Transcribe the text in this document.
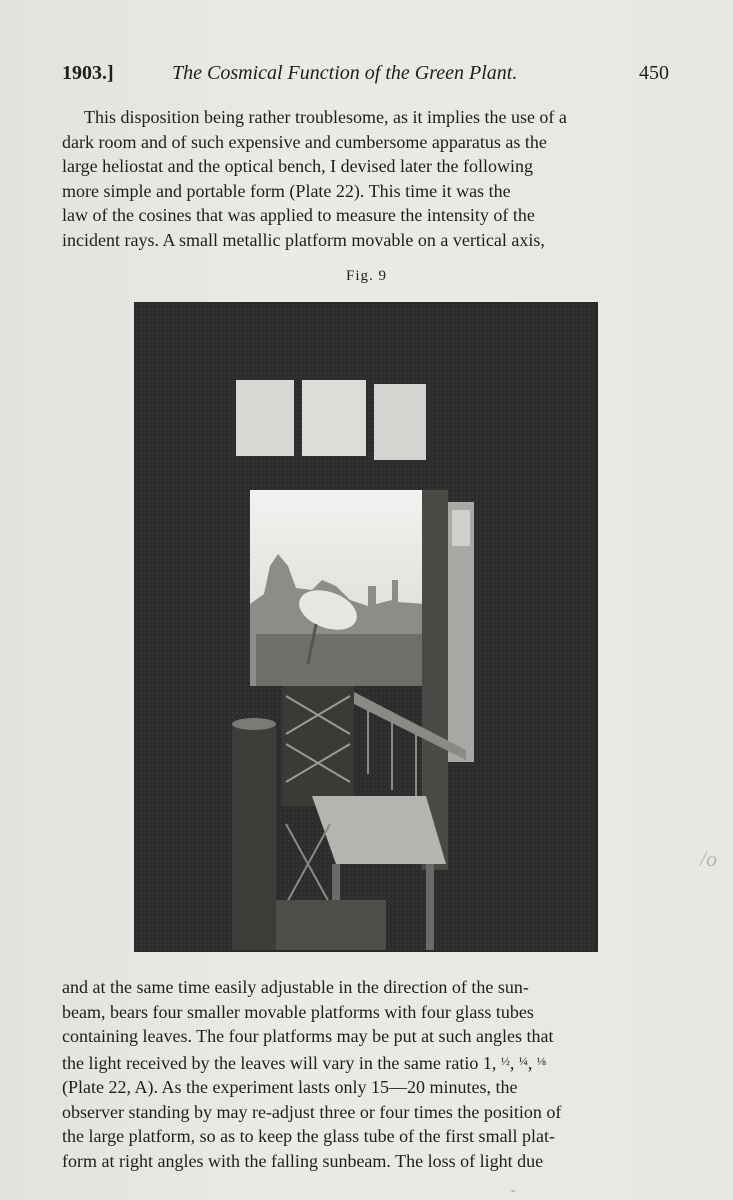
1903.]	The Cosmical Function of the Green Plant.	450

This disposition being rather troublesome, as it implies the use of a

dark room and of such expensive and cumbersome apparatus as the

large heliostat and the optical bench, I devised later the following

more simple and portable form (Plate 22). This time it was the

law of the cosines that was applied to measure the intensity of the

incident rays. A small metallic platform movable on a vertical axis,

Fig. 9

and at the same time easily adjustable in the direction of the sun-

beam, bears four smaller movable platforms with four glass tubes

containing leaves. The four platforms may be put at such angles that

the light received by the leaves will vary in the same ratio 1, $^{\frac{1}{2}}$, $^{\frac{1}{4}}$, $^{\frac{1}{8}}$

(Plate 22, A). As the experiment lasts only 15—20 minutes, the

observer standing by may re-adjust three or four times the position of

the large platform, so as to keep the glass tube of the first small plat-

form at right angles with the falling sunbeam. The loss of light due

/o
-
